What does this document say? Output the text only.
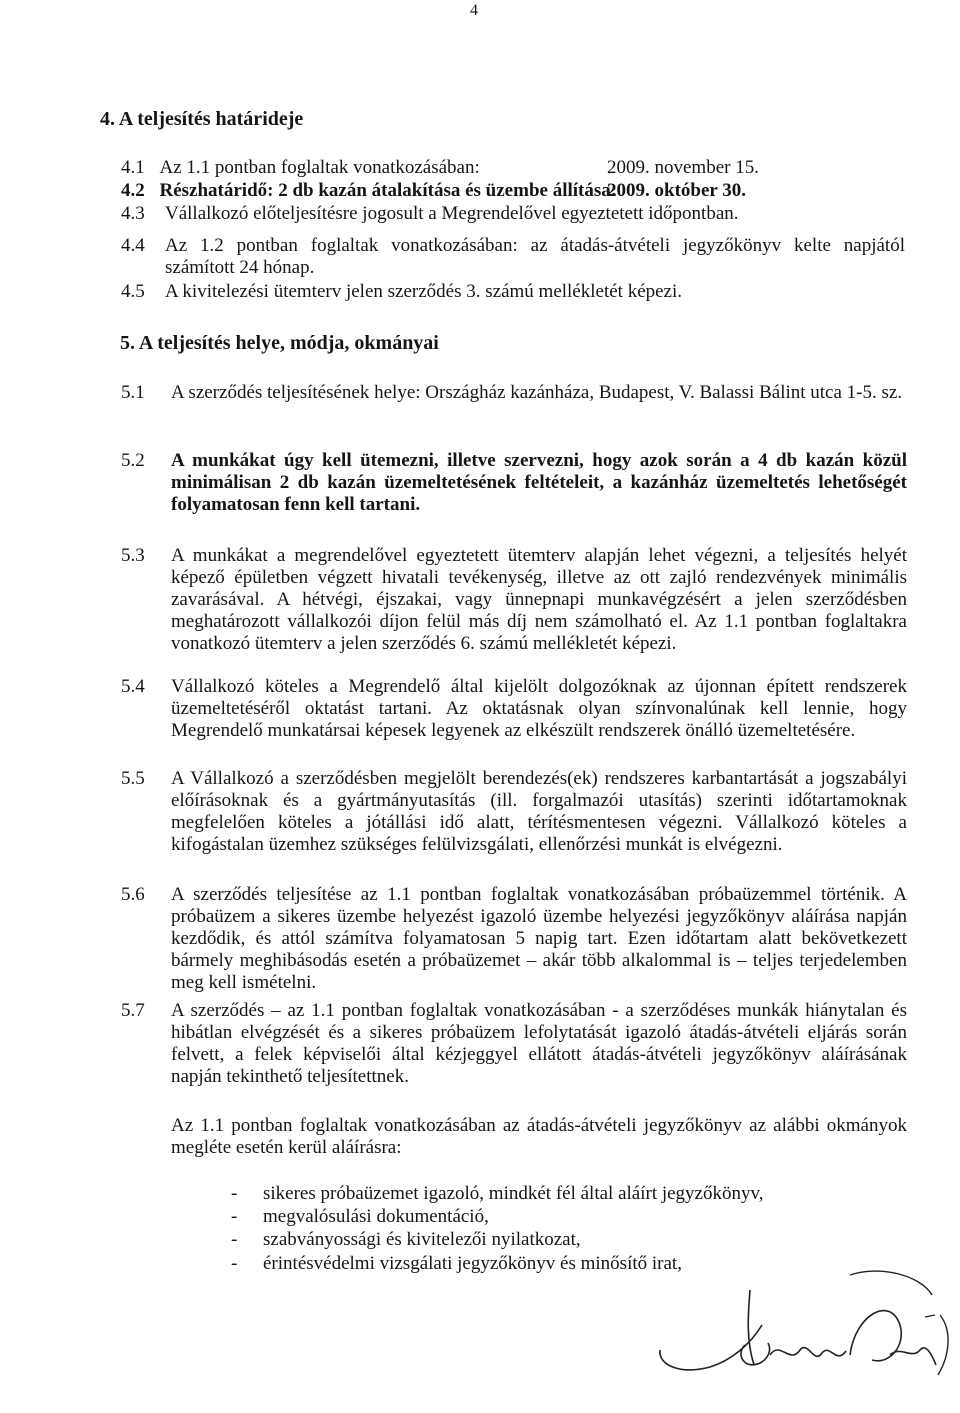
4
4. A teljesítés határideje
4.1 Az 1.1 pontban foglaltak vonatkozásában:	2009. november 15.
4.2 Részhatáridő: 2 db kazán átalakítása és üzembe állítása:
2009. október 30.
4.3 Vállalkozó előteljesítésre jogosult a Megrendelővel egyeztetett időpontban.
4.4 Az 1.2 pontban foglaltak vonatkozásában: az átadás-átvételi jegyzőkönyv kelte napjától számított 24 hónap.
4.5 A kivitelezési ütemterv jelen szerződés 3. számú mellékletét képezi.
5. A teljesítés helye, módja, okmányai
5.1 A szerződés teljesítésének helye: Országház kazánháza, Budapest, V. Balassi Bálint utca 1-5. sz.
5.2 A munkákat úgy kell ütemezni, illetve szervezni, hogy azok során a 4 db kazán közül minimálisan 2 db kazán üzemeltetésének feltételeit, a kazánház üzemeltetés lehetőségét folyamatosan fenn kell tartani.
5.3 A munkákat a megrendelővel egyeztetett ütemterv alapján lehet végezni, a teljesítés helyét képező épületben végzett hivatali tevékenység, illetve az ott zajló rendezvények minimális zavarásával. A hétvégi, éjszakai, vagy ünnepnapi munkavégzésért a jelen szerződésben meghatározott vállalkozói díjon felül más díj nem számolható el. Az 1.1 pontban foglaltakra vonatkozó ütemterv a jelen szerződés 6. számú mellékletét képezi.
5.4 Vállalkozó köteles a Megrendelő által kijelölt dolgozóknak az újonnan épített rendszerek üzemeltetéséről oktatást tartani. Az oktatásnak olyan színvonalúnak kell lennie, hogy Megrendelő munkatársai képesek legyenek az elkészült rendszerek önálló üzemeltetésére.
5.5 A Vállalkozó a szerződésben megjelölt berendezés(ek) rendszeres karbantartását a jogszabályi előírásoknak és a gyártmányutasítás (ill. forgalmazói utasítás) szerinti időtartamoknak megfelelően köteles a jótállási idő alatt, térítésmentesen végezni. Vállalkozó köteles a kifogástalan üzemhez szükséges felülvizsgálati, ellenőrzési munkát is elvégezni.
5.6 A szerződés teljesítése az 1.1 pontban foglaltak vonatkozásában próbaüzemmel történik. A próbaüzem a sikeres üzembe helyezést igazoló üzembe helyezési jegyzőkönyv aláírása napján kezdődik, és attól számítva folyamatosan 5 napig tart. Ezen időtartam alatt bekövetkezett bármely meghibásodás esetén a próbaüzemet – akár több alkalommal is – teljes terjedelemben meg kell ismételni.
5.7 A szerződés – az 1.1 pontban foglaltak vonatkozásában - a szerződéses munkák hiánytalan és hibátlan elvégzését és a sikeres próbaüzem lefolytatását igazoló átadás-átvételi eljárás során felvett, a felek képviselői által kézjeggyel ellátott átadás-átvételi jegyzőkönyv aláírásának napján tekinthető teljesítettnek.
Az 1.1 pontban foglaltak vonatkozásában az átadás-átvételi jegyzőkönyv az alábbi okmányok megléte esetén kerül aláírásra:
- sikeres próbaüzemet igazoló, mindkét fél által aláírt jegyzőkönyv,
- megvalósulási dokumentáció,
- szabványossági és kivitelezői nyilatkozat,
- érintésvédelmi vizsgálati jegyzőkönyv és minősítő irat,
